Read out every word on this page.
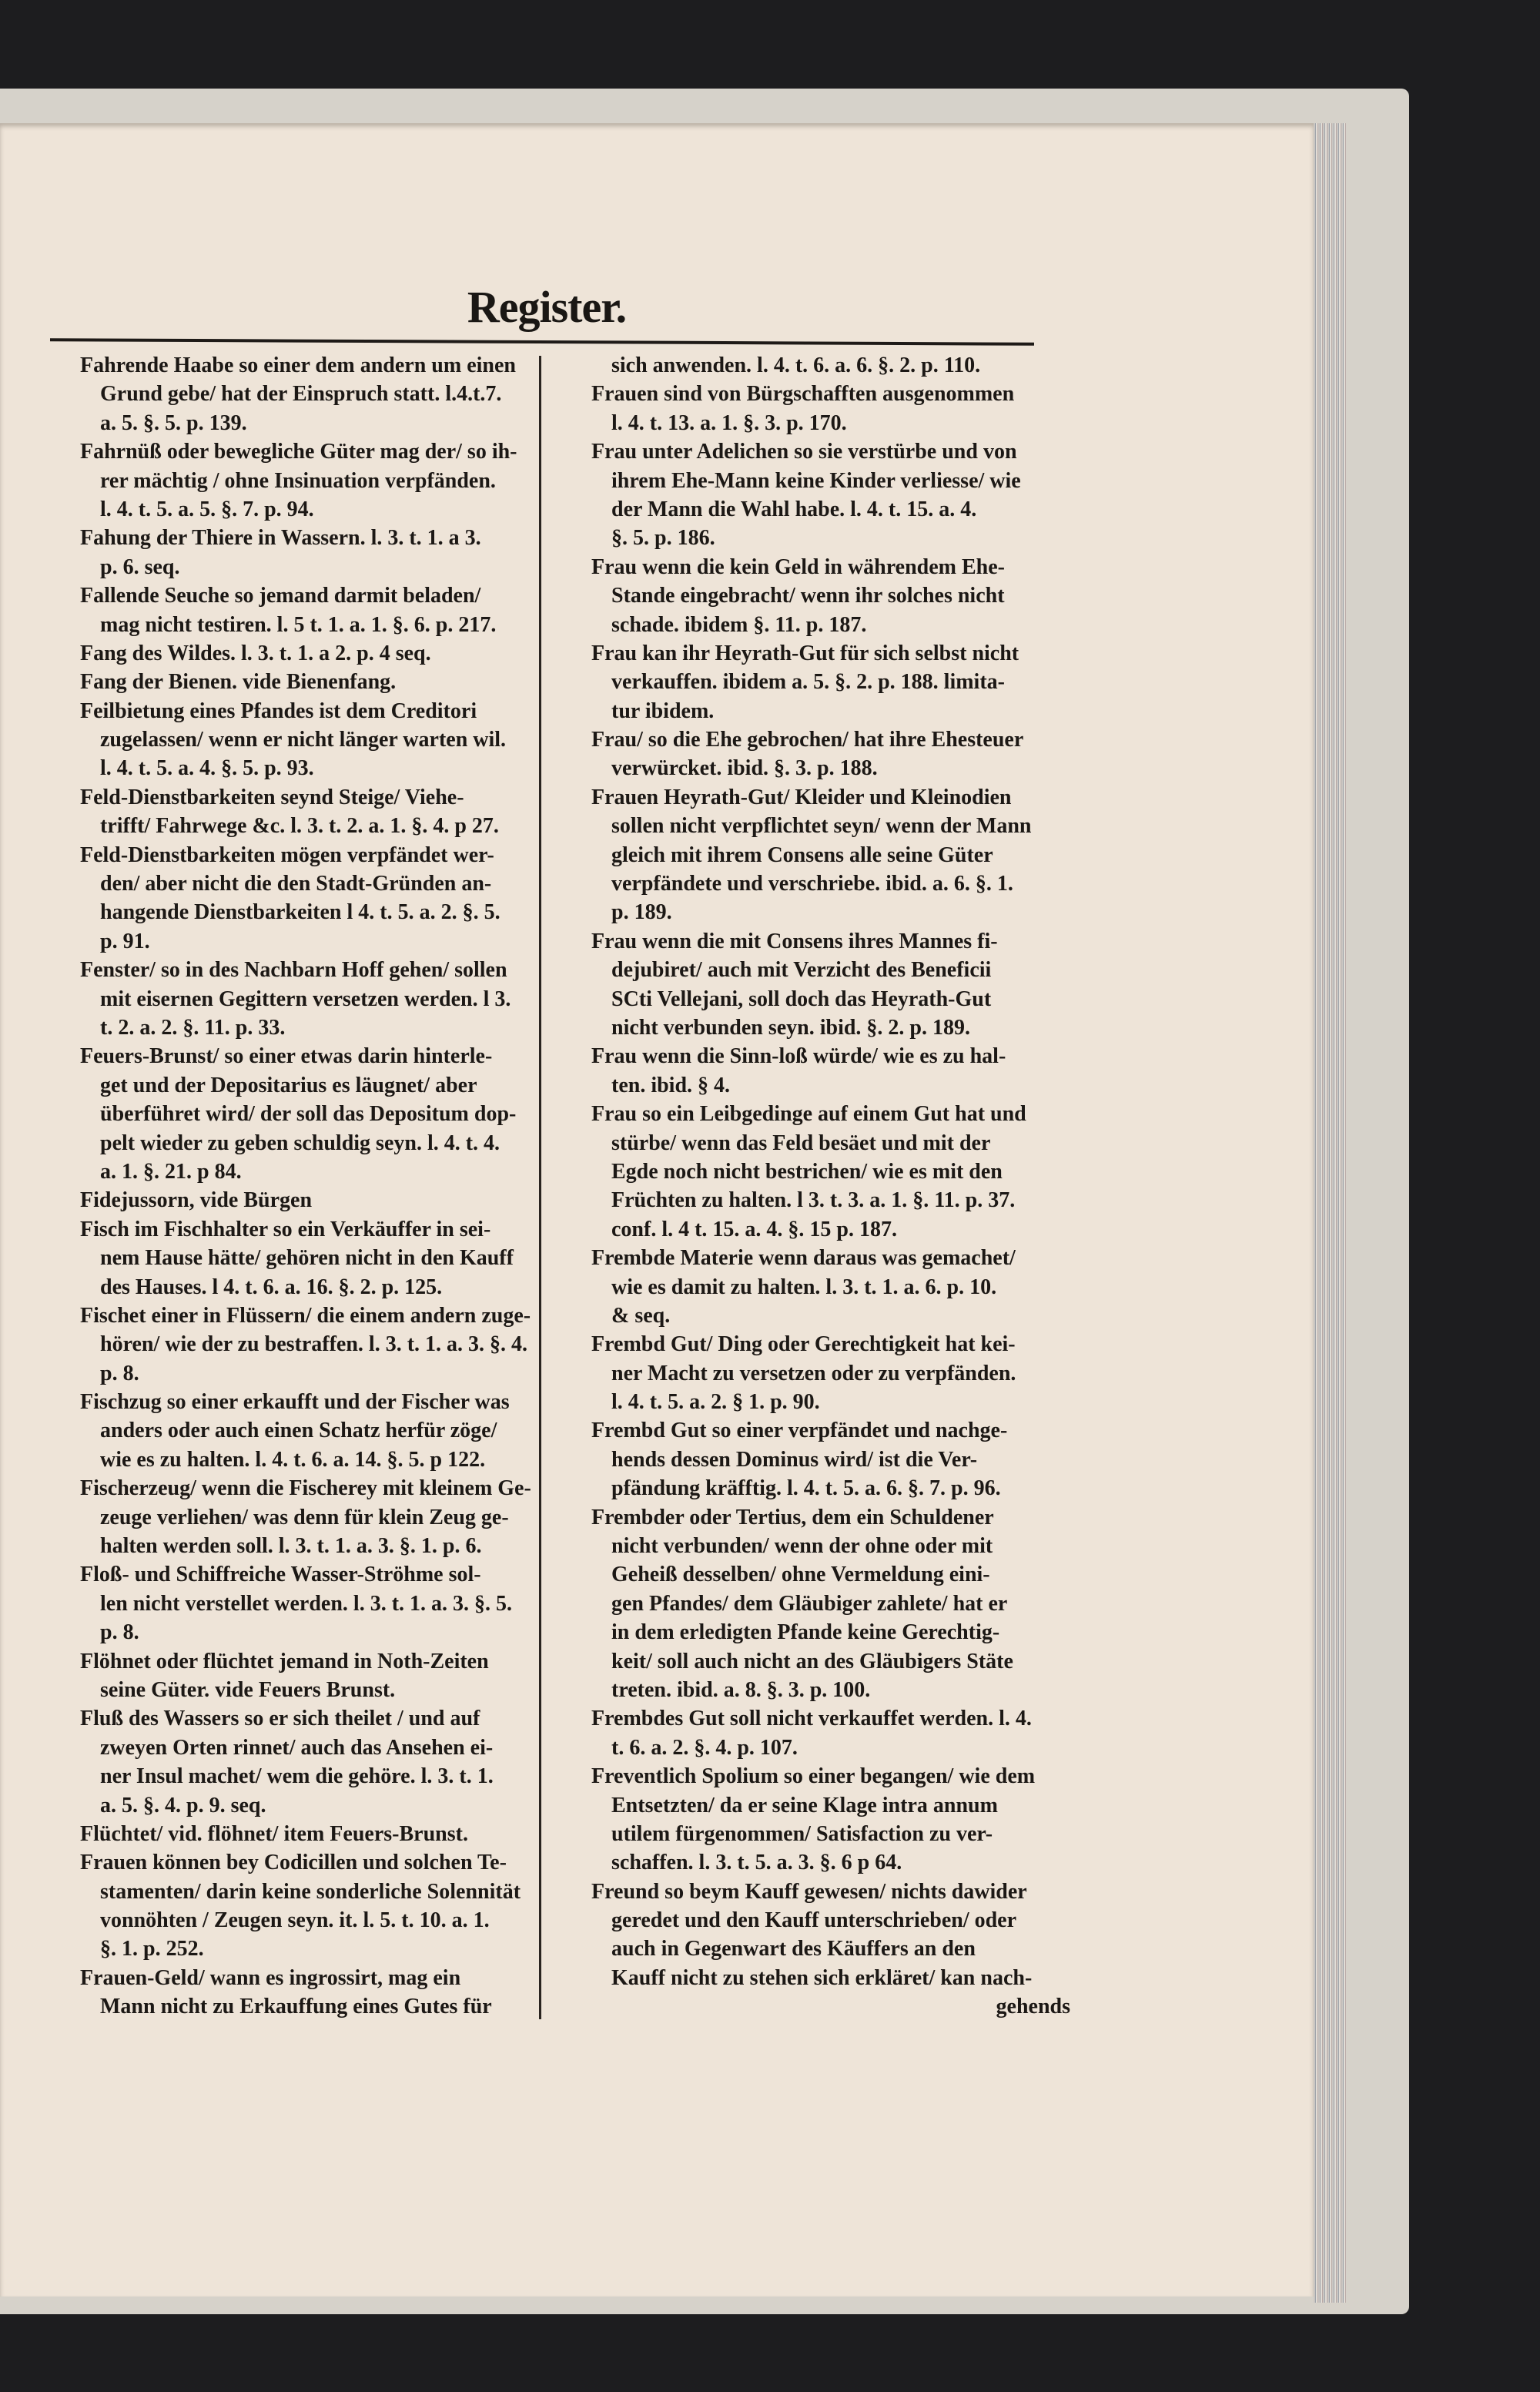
Register.
Fahrende Haabe so einer dem andern um einen
Grund gebe/ hat der Einspruch statt. l.4.t.7.
a. 5. §. 5. p. 139.
Fahrnüß oder bewegliche Güter mag der/ so ih-
rer mächtig / ohne Insinuation verpfänden.
l. 4. t. 5. a. 5. §. 7. p. 94.
Fahung der Thiere in Wassern. l. 3. t. 1. a 3.
p. 6. seq.
Fallende Seuche so jemand darmit beladen/
mag nicht testiren. l. 5 t. 1. a. 1. §. 6. p. 217.
Fang des Wildes. l. 3. t. 1. a 2. p. 4 seq.
Fang der Bienen. vide Bienenfang.
Feilbietung eines Pfandes ist dem Creditori
zugelassen/ wenn er nicht länger warten wil.
l. 4. t. 5. a. 4. §. 5. p. 93.
Feld-Dienstbarkeiten seynd Steige/ Viehe-
trifft/ Fahrwege &c. l. 3. t. 2. a. 1. §. 4. p 27.
Feld-Dienstbarkeiten mögen verpfändet wer-
den/ aber nicht die den Stadt-Gründen an-
hangende Dienstbarkeiten l 4. t. 5. a. 2. §. 5.
p. 91.
Fenster/ so in des Nachbarn Hoff gehen/ sollen
mit eisernen Gegittern versetzen werden. l 3.
t. 2. a. 2. §. 11. p. 33.
Feuers-Brunst/ so einer etwas darin hinterle-
get und der Depositarius es läugnet/ aber
überführet wird/ der soll das Depositum dop-
pelt wieder zu geben schuldig seyn. l. 4. t. 4.
a. 1. §. 21. p 84.
Fidejussorn, vide Bürgen
Fisch im Fischhalter so ein Verkäuffer in sei-
nem Hause hätte/ gehören nicht in den Kauff
des Hauses. l 4. t. 6. a. 16. §. 2. p. 125.
Fischet einer in Flüssern/ die einem andern zuge-
hören/ wie der zu bestraffen. l. 3. t. 1. a. 3. §. 4.
p. 8.
Fischzug so einer erkaufft und der Fischer was
anders oder auch einen Schatz herfür zöge/
wie es zu halten. l. 4. t. 6. a. 14. §. 5. p 122.
Fischerzeug/ wenn die Fischerey mit kleinem Ge-
zeuge verliehen/ was denn für klein Zeug ge-
halten werden soll. l. 3. t. 1. a. 3. §. 1. p. 6.
Floß- und Schiffreiche Wasser-Ströhme sol-
len nicht verstellet werden. l. 3. t. 1. a. 3. §. 5.
p. 8.
Flöhnet oder flüchtet jemand in Noth-Zeiten
seine Güter. vide Feuers Brunst.
Fluß des Wassers so er sich theilet / und auf
zweyen Orten rinnet/ auch das Ansehen ei-
ner Insul machet/ wem die gehöre. l. 3. t. 1.
a. 5. §. 4. p. 9. seq.
Flüchtet/ vid. flöhnet/ item Feuers-Brunst.
Frauen können bey Codicillen und solchen Te-
stamenten/ darin keine sonderliche Solennität
vonnöhten / Zeugen seyn. it. l. 5. t. 10. a. 1.
§. 1. p. 252.
Frauen-Geld/ wann es ingrossirt, mag ein
Mann nicht zu Erkauffung eines Gutes für
sich anwenden. l. 4. t. 6. a. 6. §. 2. p. 110.
Frauen sind von Bürgschafften ausgenommen
l. 4. t. 13. a. 1. §. 3. p. 170.
Frau unter Adelichen so sie verstürbe und von
ihrem Ehe-Mann keine Kinder verliesse/ wie
der Mann die Wahl habe. l. 4. t. 15. a. 4.
§. 5. p. 186.
Frau wenn die kein Geld in währendem Ehe-
Stande eingebracht/ wenn ihr solches nicht
schade. ibidem §. 11. p. 187.
Frau kan ihr Heyrath-Gut für sich selbst nicht
verkauffen. ibidem a. 5. §. 2. p. 188. limita-
tur ibidem.
Frau/ so die Ehe gebrochen/ hat ihre Ehesteuer
verwürcket. ibid. §. 3. p. 188.
Frauen Heyrath-Gut/ Kleider und Kleinodien
sollen nicht verpflichtet seyn/ wenn der Mann
gleich mit ihrem Consens alle seine Güter
verpfändete und verschriebe. ibid. a. 6. §. 1.
p. 189.
Frau wenn die mit Consens ihres Mannes fi-
dejubiret/ auch mit Verzicht des Beneficii
SCti Vellejani, soll doch das Heyrath-Gut
nicht verbunden seyn. ibid. §. 2. p. 189.
Frau wenn die Sinn-loß würde/ wie es zu hal-
ten. ibid. § 4.
Frau so ein Leibgedinge auf einem Gut hat und
stürbe/ wenn das Feld besäet und mit der
Egde noch nicht bestrichen/ wie es mit den
Früchten zu halten. l 3. t. 3. a. 1. §. 11. p. 37.
conf. l. 4 t. 15. a. 4. §. 15 p. 187.
Frembde Materie wenn daraus was gemachet/
wie es damit zu halten. l. 3. t. 1. a. 6. p. 10.
& seq.
Frembd Gut/ Ding oder Gerechtigkeit hat kei-
ner Macht zu versetzen oder zu verpfänden.
l. 4. t. 5. a. 2. § 1. p. 90.
Frembd Gut so einer verpfändet und nachge-
hends dessen Dominus wird/ ist die Ver-
pfändung kräfftig. l. 4. t. 5. a. 6. §. 7. p. 96.
Frembder oder Tertius, dem ein Schuldener
nicht verbunden/ wenn der ohne oder mit
Geheiß desselben/ ohne Vermeldung eini-
gen Pfandes/ dem Gläubiger zahlete/ hat er
in dem erledigten Pfande keine Gerechtig-
keit/ soll auch nicht an des Gläubigers Stäte
treten. ibid. a. 8. §. 3. p. 100.
Frembdes Gut soll nicht verkauffet werden. l. 4.
t. 6. a. 2. §. 4. p. 107.
Freventlich Spolium so einer begangen/ wie dem
Entsetzten/ da er seine Klage intra annum
utilem fürgenommen/ Satisfaction zu ver-
schaffen. l. 3. t. 5. a. 3. §. 6 p 64.
Freund so beym Kauff gewesen/ nichts dawider
geredet und den Kauff unterschrieben/ oder
auch in Gegenwart des Käuffers an den
Kauff nicht zu stehen sich erkläret/ kan nach-
gehends
